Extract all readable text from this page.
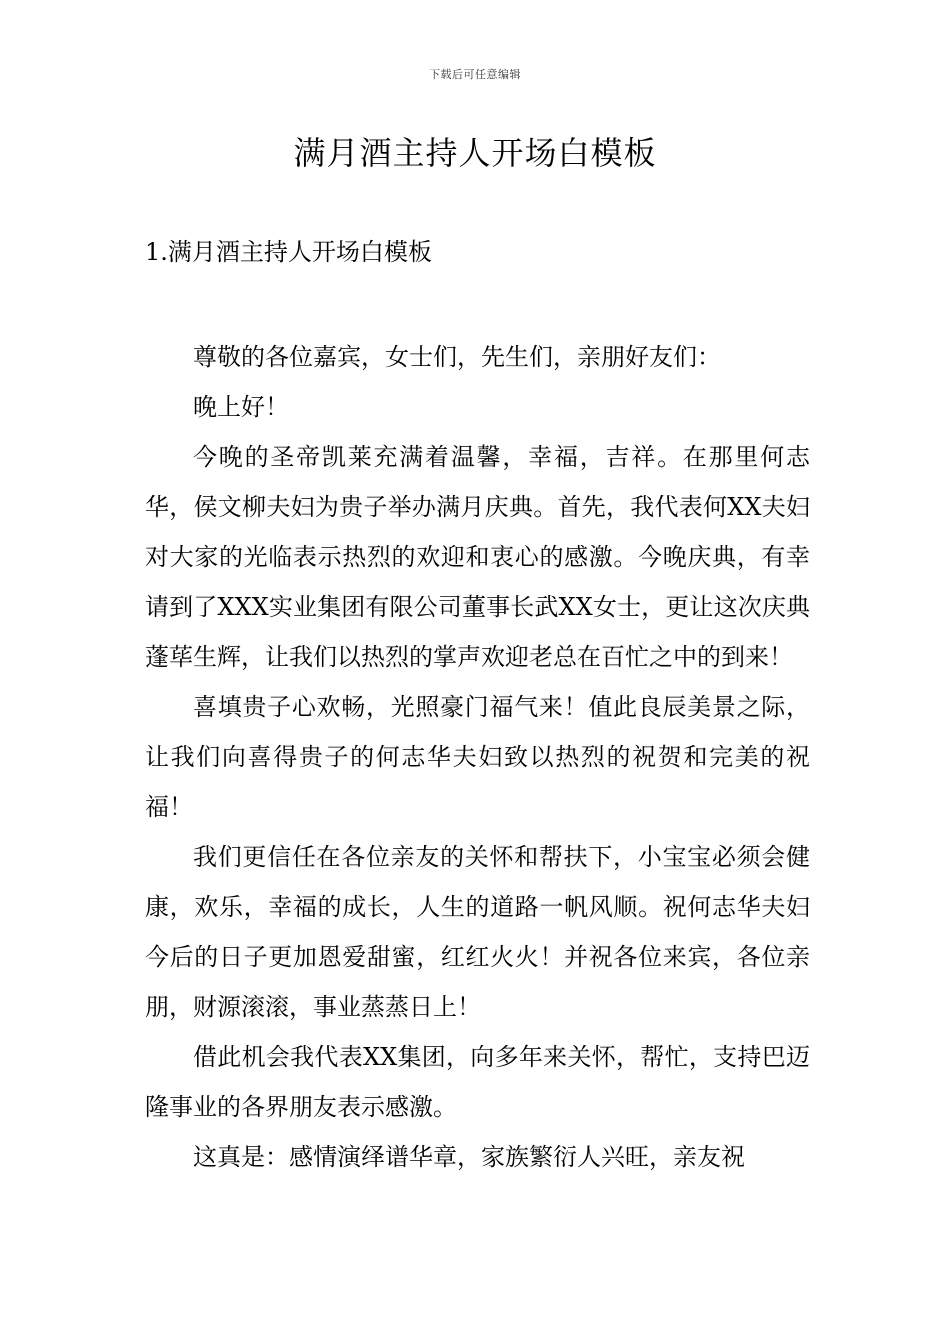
下载后可任意编辑
满月酒主持人开场白模板
1.满月酒主持人开场白模板

尊敬的各位嘉宾，女士们，先生们，亲朋好友们：

晚上好！

今晚的圣帝凯莱充满着温馨，幸福，吉祥。在那里何志华，侯文柳夫妇为贵子举办满月庆典。首先，我代表何XX夫妇对大家的光临表示热烈的欢迎和衷心的感激。今晚庆典，有幸请到了XXX实业集团有限公司董事长武XX女士，更让这次庆典蓬荜生辉，让我们以热烈的掌声欢迎老总在百忙之中的到来！

喜填贵子心欢畅，光照豪门福气来！值此良辰美景之际，让我们向喜得贵子的何志华夫妇致以热烈的祝贺和完美的祝福！

我们更信任在各位亲友的关怀和帮扶下，小宝宝必须会健康，欢乐，幸福的成长，人生的道路一帆风顺。祝何志华夫妇今后的日子更加恩爱甜蜜，红红火火！并祝各位来宾，各位亲朋，财源滚滚，事业蒸蒸日上！

借此机会我代表XX集团，向多年来关怀，帮忙，支持巴迈隆事业的各界朋友表示感激。

这真是：感情演绎谱华章，家族繁衍人兴旺，亲友祝
